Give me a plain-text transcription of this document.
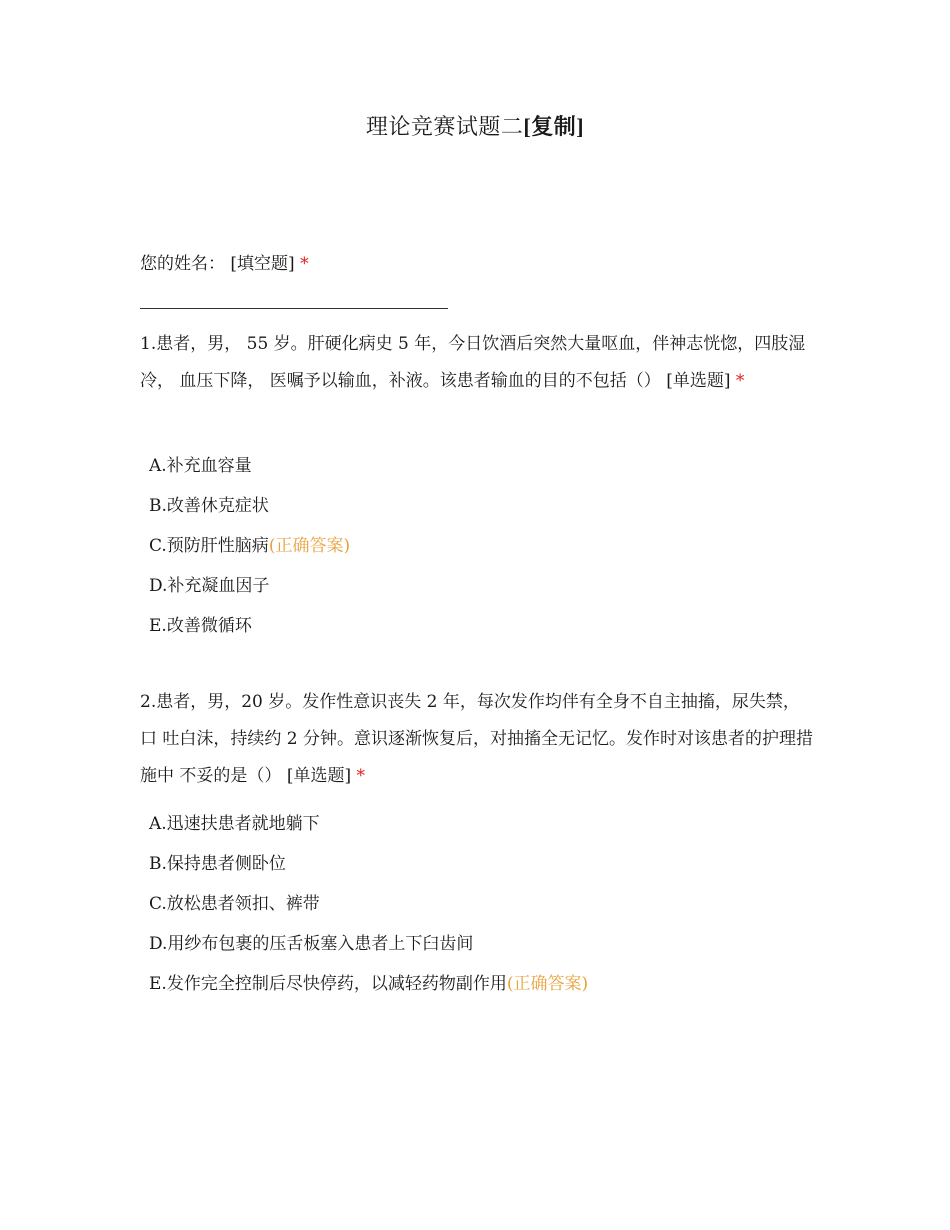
理论竞赛试题二[复制]
您的姓名： [填空题] *
1.患者，男， 55 岁。肝硬化病史 5 年，今日饮酒后突然大量呕血，伴神志恍惚，四肢湿冷， 血压下降， 医嘱予以输血，补液。该患者输血的目的不包括（） [单选题] *
A.补充血容量
B.改善休克症状
C.预防肝性脑病(正确答案)
D.补充凝血因子
E.改善微循环
2.患者，男，20 岁。发作性意识丧失 2 年，每次发作均伴有全身不自主抽搐，尿失禁， 口 吐白沫，持续约 2 分钟。意识逐渐恢复后，对抽搐全无记忆。发作时对该患者的护理措施中 不妥的是（） [单选题] *
A.迅速扶患者就地躺下
B.保持患者侧卧位
C.放松患者领扣、裤带
D.用纱布包裹的压舌板塞入患者上下臼齿间
E.发作完全控制后尽快停药，以减轻药物副作用(正确答案)
